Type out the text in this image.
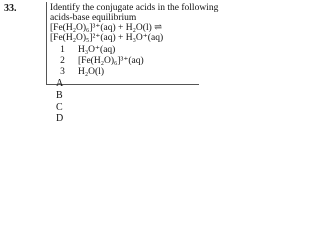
33.	Identify the conjugate acids in the following
acids-base equilibrium
[Fe(H₂O)₆]³⁺(aq) + H₂O(l) ⇌
[Fe(H₂O)₅]²⁺(aq) + H₃O⁺(aq)
1 H₃O⁺(aq)
2 [Fe(H₂O)₆]³⁺(aq)
3 H₂O(l)
A
B
C
D
